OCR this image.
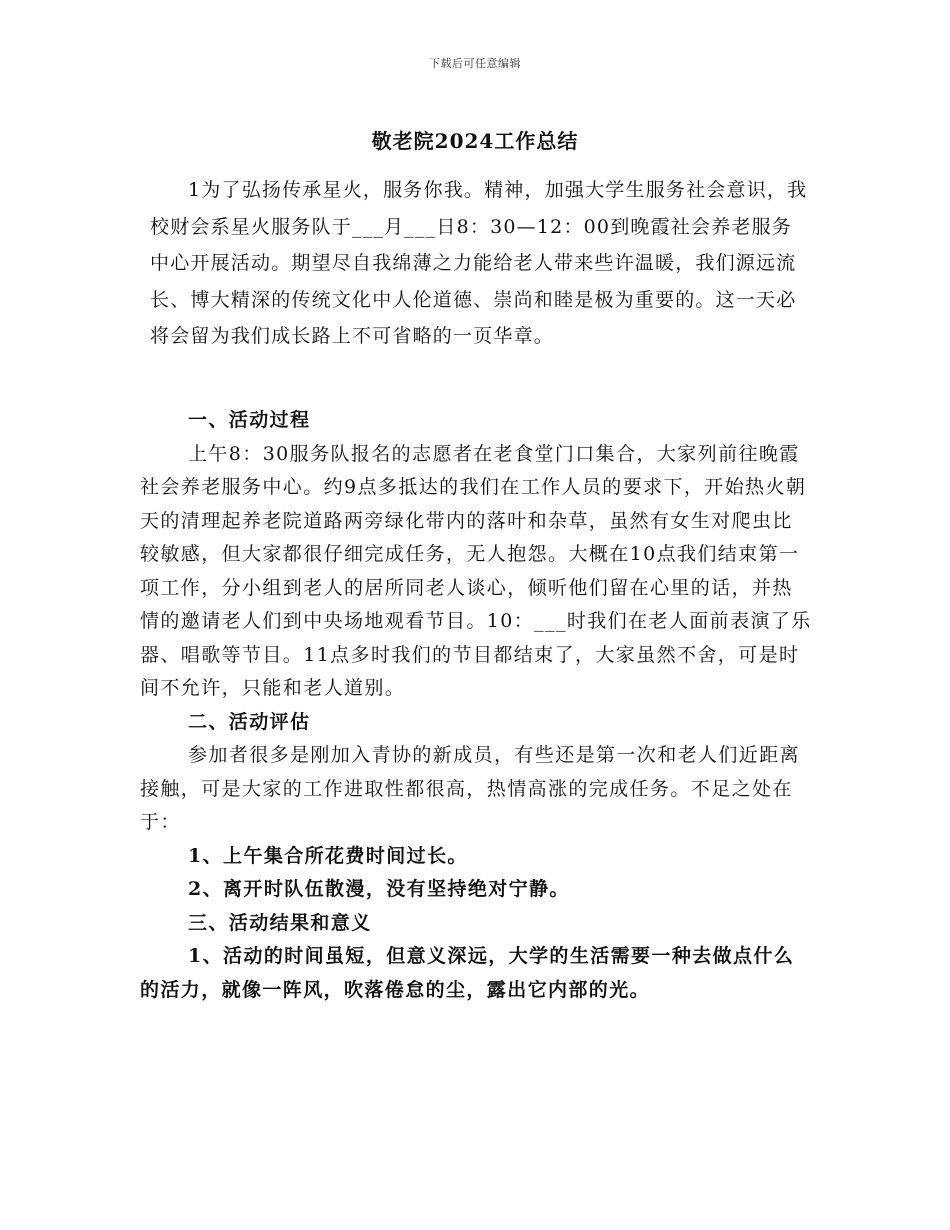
下载后可任意编辑
敬老院2024工作总结

1为了弘扬传承星火，服务你我。精神，加强大学生服务社会意识，我校财会系星火服务队于___月___日8：30—12：00到晚霞社会养老服务中心开展活动。期望尽自我绵薄之力能给老人带来些许温暖，我们源远流长、博大精深的传统文化中人伦道德、崇尚和睦是极为重要的。这一天必将会留为我们成长路上不可省略的一页华章。

一、活动过程

上午8：30服务队报名的志愿者在老食堂门口集合，大家列前往晚霞社会养老服务中心。约9点多抵达的我们在工作人员的要求下，开始热火朝天的清理起养老院道路两旁绿化带内的落叶和杂草，虽然有女生对爬虫比较敏感，但大家都很仔细完成任务，无人抱怨。大概在10点我们结束第一项工作，分小组到老人的居所同老人谈心，倾听他们留在心里的话，并热情的邀请老人们到中央场地观看节目。10：___时我们在老人面前表演了乐器、唱歌等节目。11点多时我们的节目都结束了，大家虽然不舍，可是时间不允许，只能和老人道别。

二、活动评估

参加者很多是刚加入青协的新成员，有些还是第一次和老人们近距离接触，可是大家的工作进取性都很高，热情高涨的完成任务。不足之处在于：

1、上午集合所花费时间过长。

2、离开时队伍散漫，没有坚持绝对宁静。

三、活动结果和意义

1、活动的时间虽短，但意义深远，大学的生活需要一种去做点什么的活力，就像一阵风，吹落倦怠的尘，露出它内部的光。
